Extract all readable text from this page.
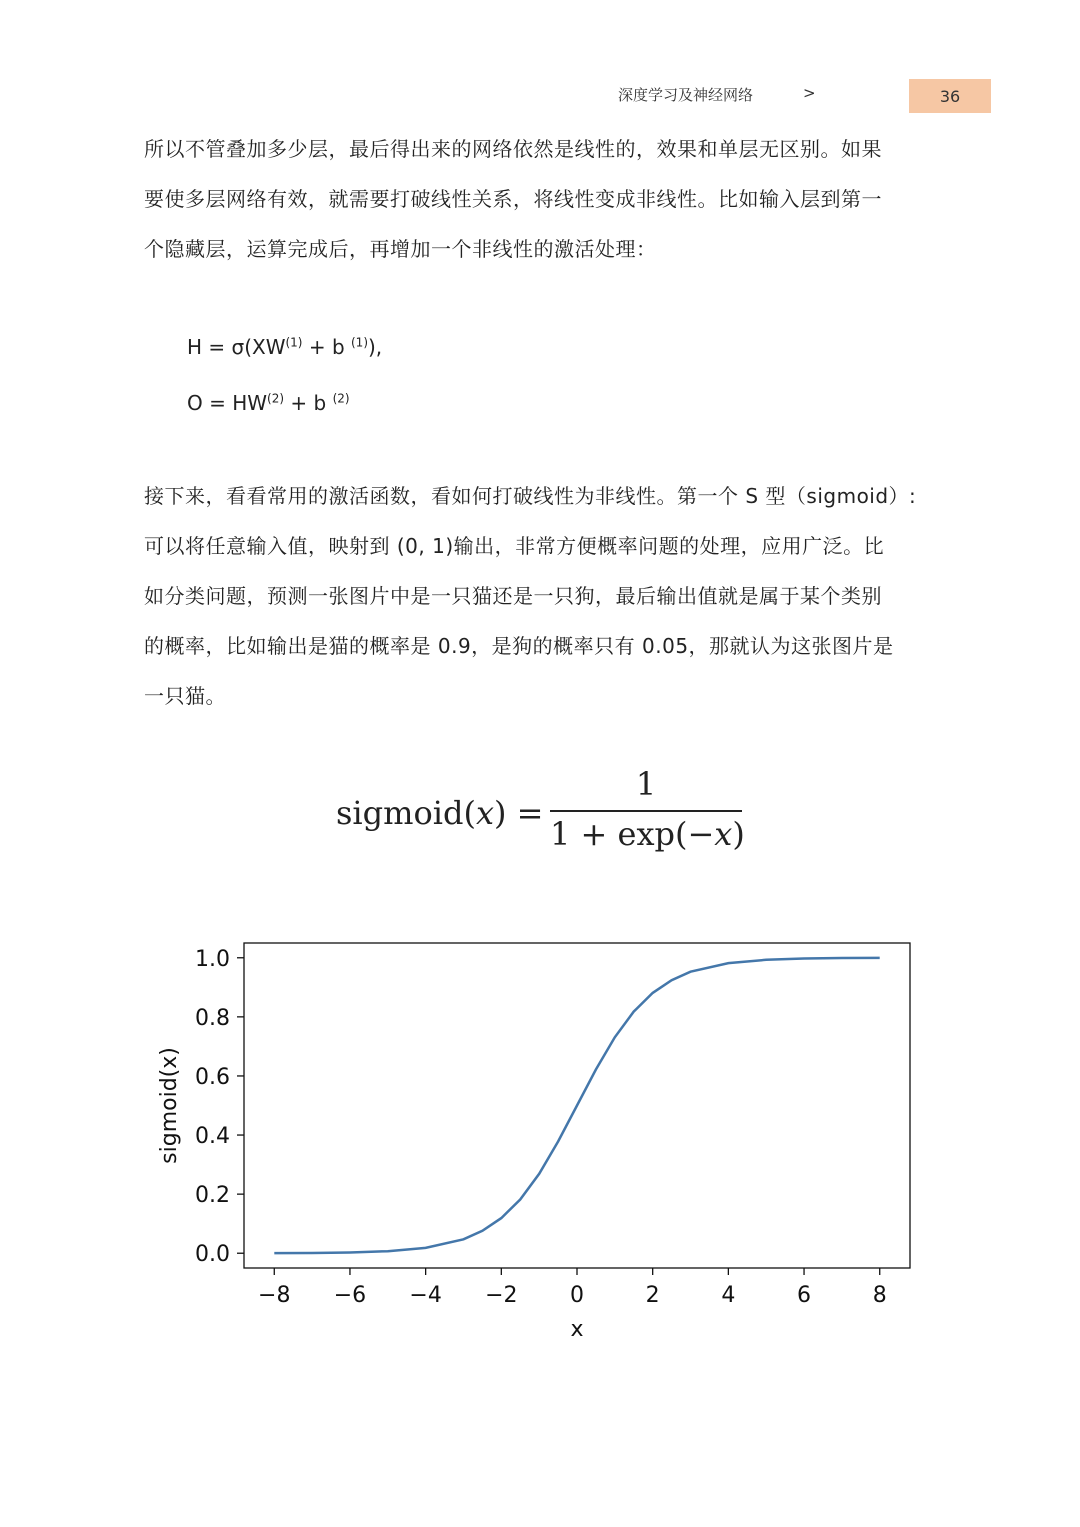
深度学习及神经网络	>	36

所以不管叠加多少层，最后得出来的网络依然是线性的，效果和单层无区别。如果

要使多层网络有效，就需要打破线性关系，将线性变成非线性。比如输入层到第一

个隐藏层，运算完成后，再增加一个非线性的激活处理：

$H = \sigma(XW^{(1)} + b$ $^{(1)}$),
$O = HW^{(2)} + b$ $^{(2)}$

接下来，看看常用的激活函数，看如何打破线性为非线性。第一个 S 型（sigmoid）:

可以将任意输入值，映射到 (0, 1)输出，非常方便概率问题的处理，应用广泛。比

如分类问题，预测一张图片中是一只猫还是一只狗，最后输出值就是属于某个类别

的概率，比如输出是猫的概率是 0.9，是狗的概率只有 0.05，那就认为这张图片是

一只猫。

sigmoid(x) =
1
1 + exp(−x)
−8 −6 −4 −2 0	2	4	6	8
0.0
0.2
0.4
0.6
0.8
1.0
x
sigmoid(x)
